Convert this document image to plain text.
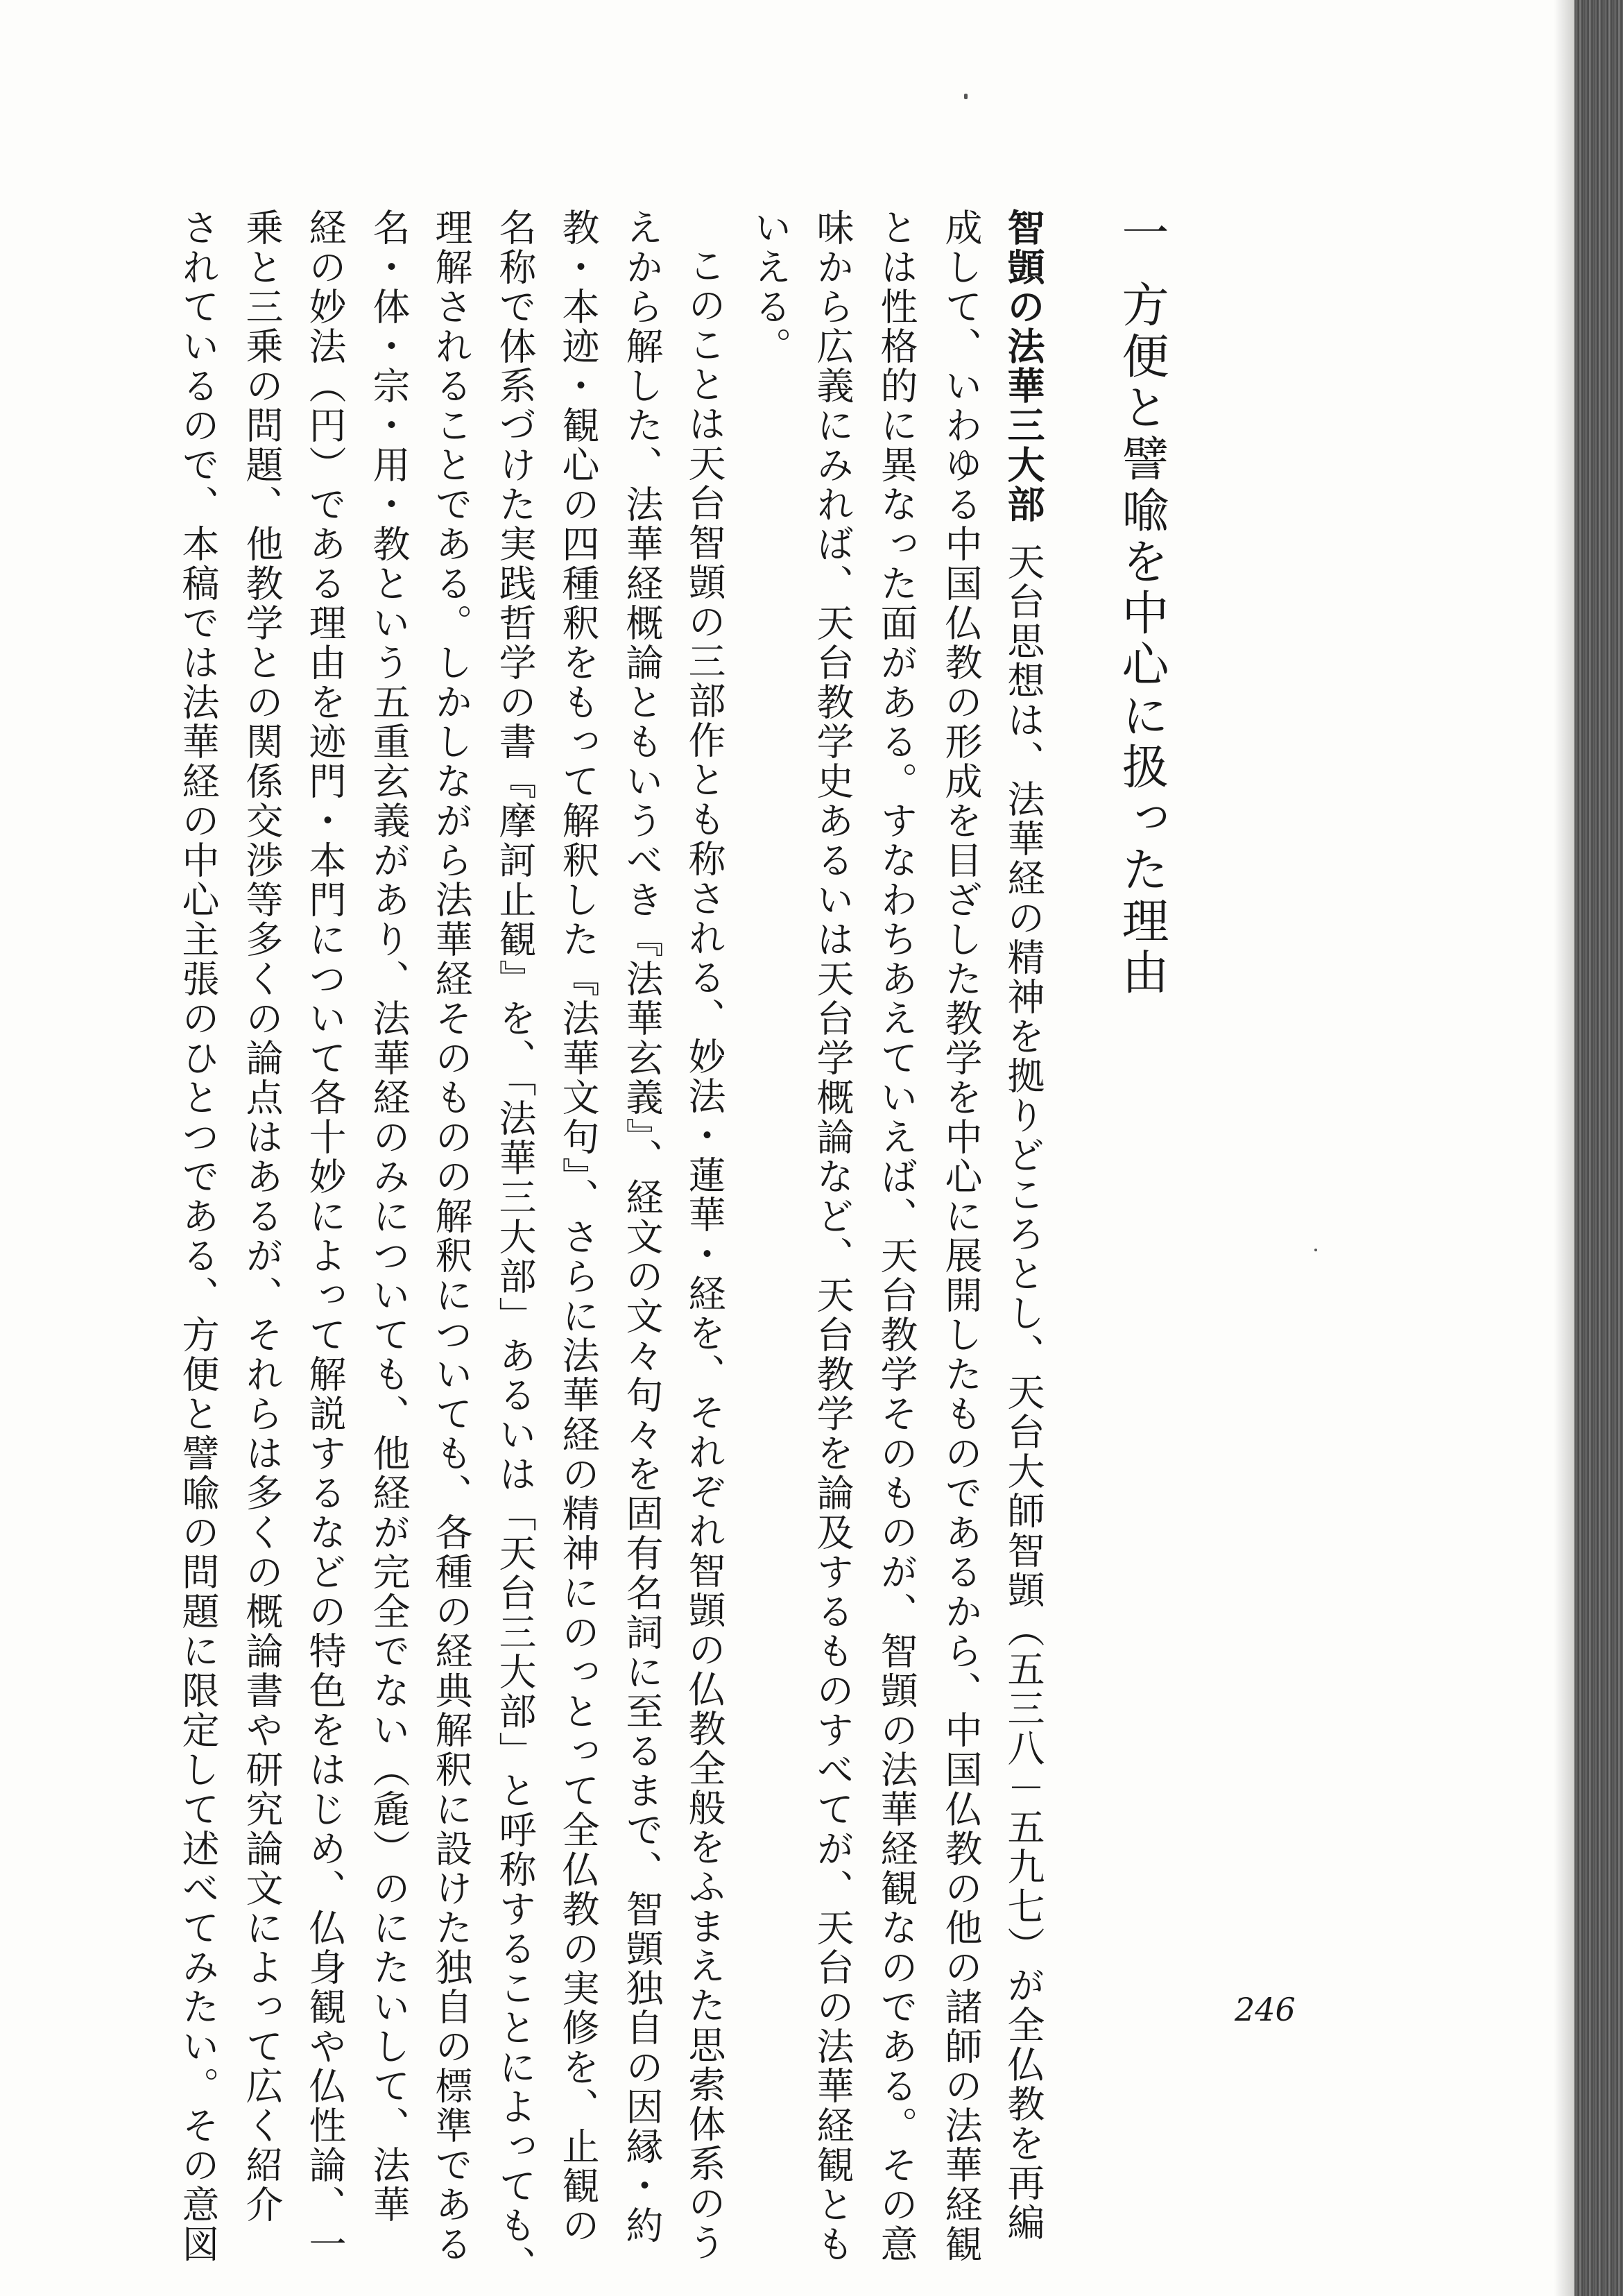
一方便と譬喩を中心に扱った理由
智顗の法華三大部天台思想は、法華経の精神を拠りどころとし、天台大師智顗（五三八－五九七）が全仏教を再編
成して、いわゆる中国仏教の形成を目ざした教学を中心に展開したものであるから、中国仏教の他の諸師の法華経観
とは性格的に異なった面がある。すなわちあえていえば、天台教学そのものが、智顗の法華経観なのである。その意
味から広義にみれば、天台教学史あるいは天台学概論など、天台教学を論及するものすべてが、天台の法華経観とも
いえる。
このことは天台智顗の三部作とも称される、妙法・蓮華・経を、それぞれ智顗の仏教全般をふまえた思索体系のう
えから解した、法華経概論ともいうべき『法華玄義』、経文の文々句々を固有名詞に至るまで、智顗独自の因縁・約
教・本迹・観心の四種釈をもって解釈した『法華文句』、さらに法華経の精神にのっとって全仏教の実修を、止観の
名称で体系づけた実践哲学の書『摩訶止観』を、「法華三大部」あるいは「天台三大部」と呼称することによっても、
理解されることである。しかしながら法華経そのものの解釈についても、各種の経典解釈に設けた独自の標準である
名・体・宗・用・教という五重玄義があり、法華経のみについても、他経が完全でない（麁）のにたいして、法華
経の妙法（円）である理由を迹門・本門について各十妙によって解説するなどの特色をはじめ、仏身観や仏性論、一
乗と三乗の問題、他教学との関係交渉等多くの論点はあるが、それらは多くの概論書や研究論文によって広く紹介
されているので、本稿では法華経の中心主張のひとつである、方便と譬喩の問題に限定して述べてみたい。その意図	246
